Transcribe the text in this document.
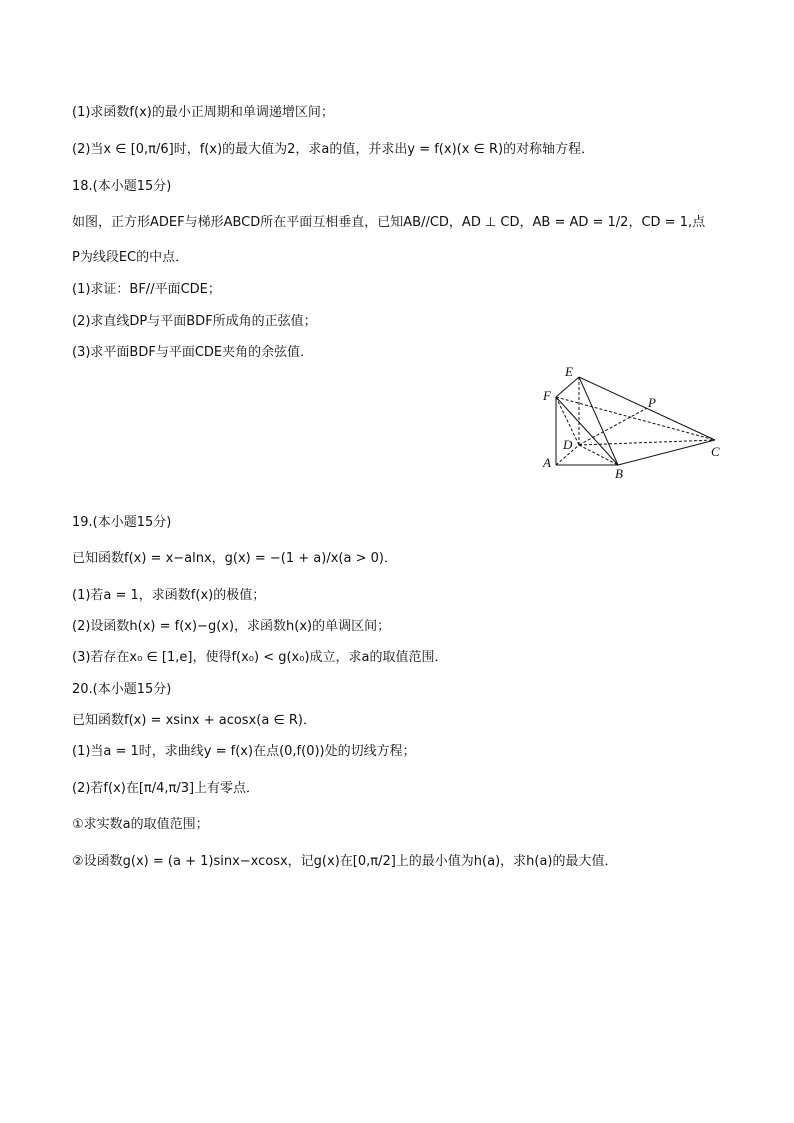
(1)求函数f(x)的最小正周期和单调递增区间；
(2)当x ∈ [0,π/6]时，f(x)的最大值为2，求a的值，并求出y = f(x)(x ∈ R)的对称轴方程．
18.(本小题15分)
如图，正方形ADEF与梯形ABCD所在平面互相垂直，已知AB//CD，AD ⊥ CD，AB = AD = 1/2，CD = 1,点
P为线段EC的中点．
(1)求证：BF//平面CDE；
(2)求直线DP与平面BDF所成角的正弦值；
(3)求平面BDF与平面CDE夹角的余弦值．
E
F	P
D
A
B
C
19.(本小题15分)
已知函数f(x) = x−alnx，g(x) = −(1 + a)/x(a > 0)．
(1)若a = 1，求函数f(x)的极值；
(2)设函数h(x) = f(x)−g(x)，求函数h(x)的单调区间；
(3)若存在x₀ ∈ [1,e]，使得f(x₀) < g(x₀)成立，求a的取值范围．
20.(本小题15分)
已知函数f(x) = xsinx + acosx(a ∈ R)．
(1)当a = 1时，求曲线y = f(x)在点(0,f(0))处的切线方程；
(2)若f(x)在[π/4,π/3]上有零点．
①求实数a的取值范围；
②设函数g(x) = (a + 1)sinx−xcosx，记g(x)在[0,π/2]上的最小值为h(a)，求h(a)的最大值．
